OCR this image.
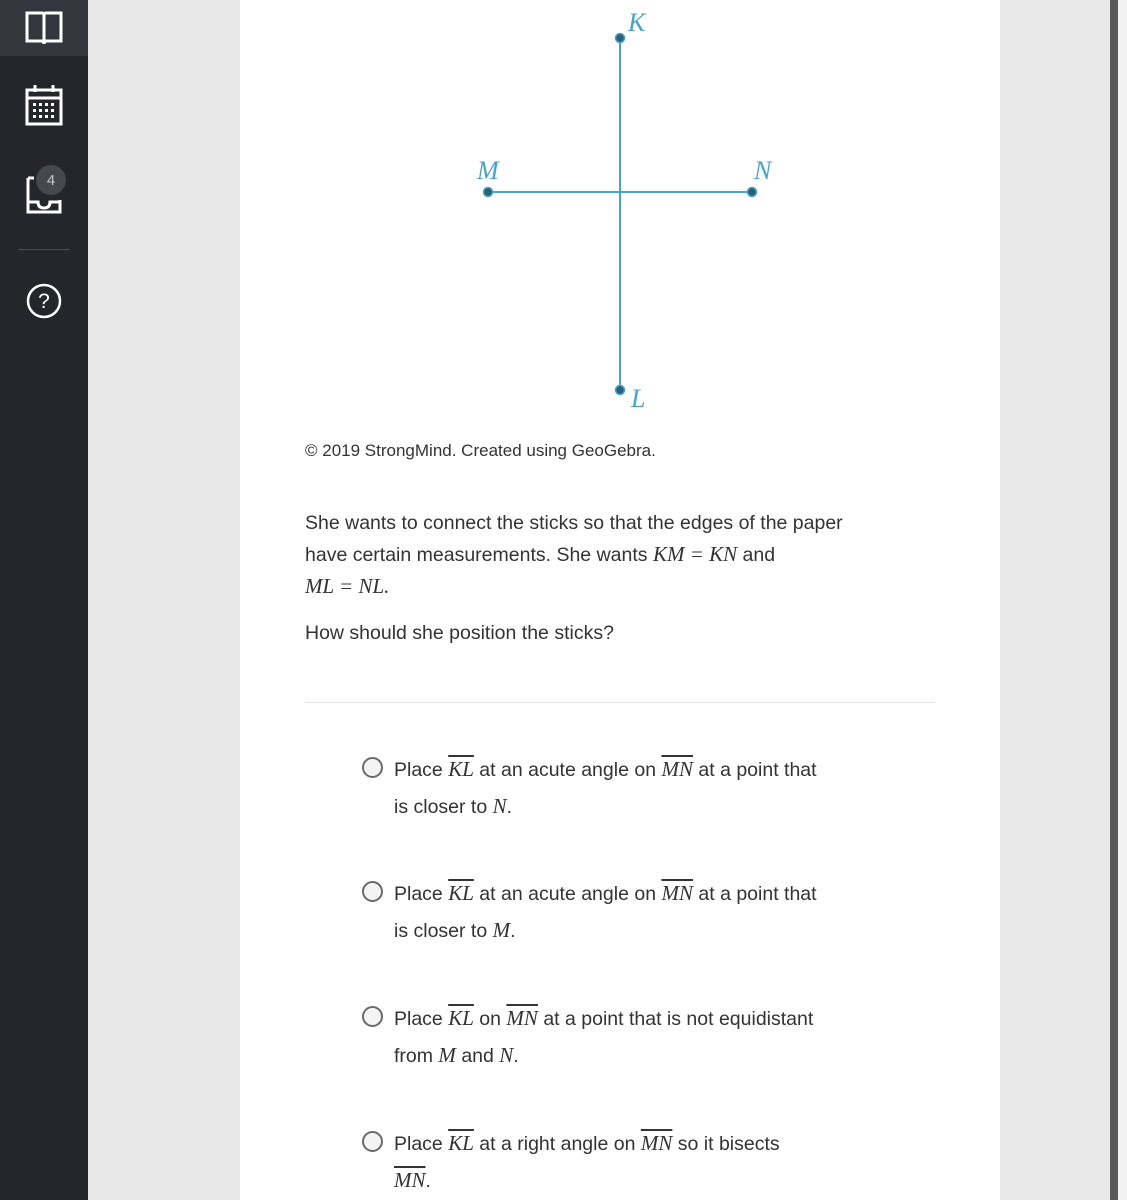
4
?
K
L
M	N
© 2019 StrongMind. Created using GeoGebra.
She wants to connect the sticks so that the edges of the paper
have certain measurements. She wants KM = KN and
ML = NL.
How should she position the sticks?
Place $\overline{KL}$ at an acute angle on $\overline{MN}$ at a point that
is closer to N.
Place $\overline{KL}$ at an acute angle on $\overline{MN}$ at a point that
is closer to M.
Place $\overline{KL}$ on $\overline{MN}$ at a point that is not equidistant
from M and N.
Place $\overline{KL}$ at a right angle on $\overline{MN}$ so it bisects
$\overline{MN}$.
